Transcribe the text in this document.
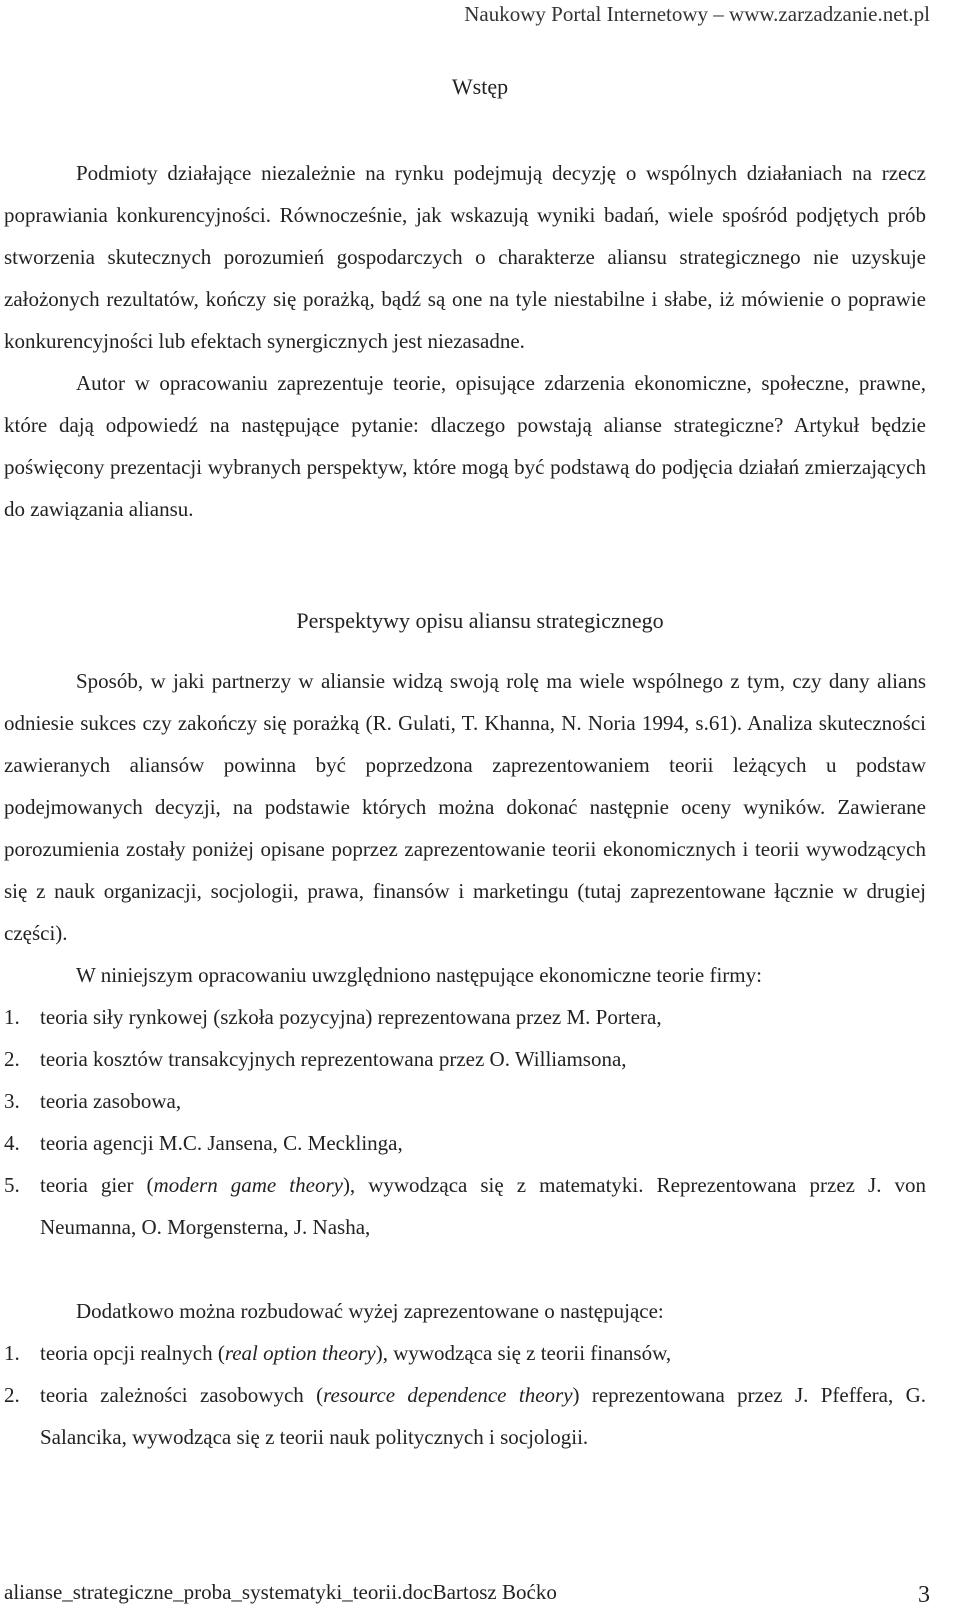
Naukowy Portal Internetowy – www.zarzadzanie.net.pl
Wstęp

Podmioty działające niezależnie na rynku podejmują decyzję o wspólnych działaniach na rzecz poprawiania konkurencyjności. Równocześnie, jak wskazują wyniki badań, wiele spośród podjętych prób stworzenia skutecznych porozumień gospodarczych o charakterze aliansu strategicznego nie uzyskuje założonych rezultatów, kończy się porażką, bądź są one na tyle niestabilne i słabe, iż mówienie o poprawie konkurencyjności lub efektach synergicznych jest niezasadne.

Autor w opracowaniu zaprezentuje teorie, opisujące zdarzenia ekonomiczne, społeczne, prawne, które dają odpowiedź na następujące pytanie: dlaczego powstają alianse strategiczne? Artykuł będzie poświęcony prezentacji wybranych perspektyw, które mogą być podstawą do podjęcia działań zmierzających do zawiązania aliansu.

Perspektywy opisu aliansu strategicznego

Sposób, w jaki partnerzy w aliansie widzą swoją rolę ma wiele wspólnego z tym, czy dany alians odniesie sukces czy zakończy się porażką (R. Gulati, T. Khanna, N. Noria 1994, s.61). Analiza skuteczności zawieranych aliansów powinna być poprzedzona zaprezentowaniem teorii leżących u podstaw podejmowanych decyzji, na podstawie których można dokonać następnie oceny wyników. Zawierane porozumienia zostały poniżej opisane poprzez zaprezentowanie teorii ekonomicznych i teorii wywodzących się z nauk organizacji, socjologii, prawa, finansów i marketingu (tutaj zaprezentowane łącznie w drugiej części).

W niniejszym opracowaniu uwzględniono następujące ekonomiczne teorie firmy:

1. teoria siły rynkowej (szkoła pozycyjna) reprezentowana przez M. Portera,
2. teoria kosztów transakcyjnych reprezentowana przez O. Williamsona,
3. teoria zasobowa,
4. teoria agencji M.C. Jansena, C. Mecklinga,
5. teoria gier (modern game theory), wywodząca się z matematyki. Reprezentowana przez J. von Neumanna, O. Morgensterna, J. Nasha,

Dodatkowo można rozbudować wyżej zaprezentowane o następujące:

1. teoria opcji realnych (real option theory), wywodząca się z teorii finansów,
2. teoria zależności zasobowych (resource dependence theory) reprezentowana przez J. Pfeffera, G. Salancika, wywodząca się z teorii nauk politycznych i socjologii.
alianse_strategiczne_proba_systematyki_teorii.docBartosz Boćko	3
